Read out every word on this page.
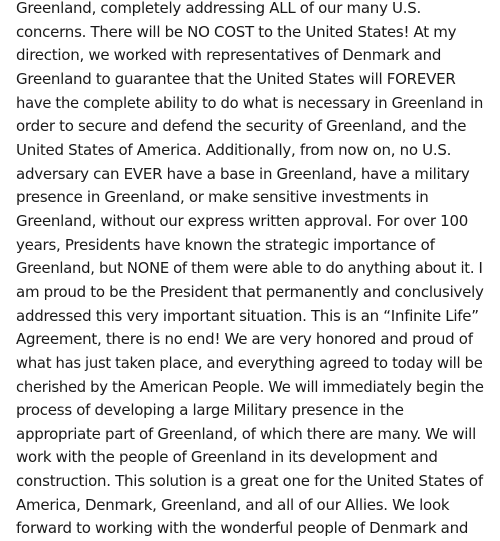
Greenland, completely addressing ALL of our many U.S.
concerns. There will be NO COST to the United States! At my
direction, we worked with representatives of Denmark and
Greenland to guarantee that the United States will FOREVER
have the complete ability to do what is necessary in Greenland in
order to secure and defend the security of Greenland, and the
United States of America. Additionally, from now on, no U.S.
adversary can EVER have a base in Greenland, have a military
presence in Greenland, or make sensitive investments in
Greenland, without our express written approval. For over 100
years, Presidents have known the strategic importance of
Greenland, but NONE of them were able to do anything about it. I
am proud to be the President that permanently and conclusively
addressed this very important situation. This is an “Infinite Life”
Agreement, there is no end! We are very honored and proud of
what has just taken place, and everything agreed to today will be
cherished by the American People. We will immediately begin the
process of developing a large Military presence in the
appropriate part of Greenland, of which there are many. We will
work with the people of Greenland in its development and
construction. This solution is a great one for the United States of
America, Denmark, Greenland, and all of our Allies. We look
forward to working with the wonderful people of Denmark and
